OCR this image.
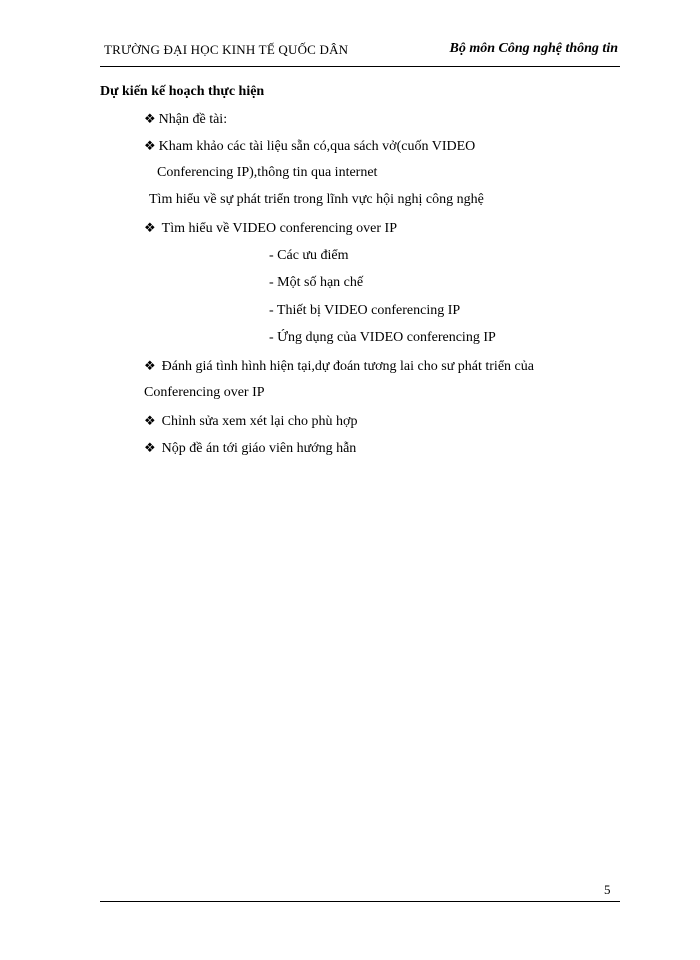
TRƯỜNG ĐẠI HỌC KINH TẾ QUỐC DÂN	Bộ môn Công nghệ thông tin
Dự kiến kế hoạch thực hiện
❖ Nhận đề tài:
❖ Kham khảo các tài liệu sẵn có,qua sách vở(cuốn VIDEO
Conferencing IP),thông tin qua internet
Tìm hiểu về sự phát triển trong lĩnh vực hội nghị công nghệ
❖ Tìm hiểu về VIDEO conferencing over IP
- Các ưu điểm
- Một số hạn chế
- Thiết bị VIDEO conferencing IP
- Ứng dụng của VIDEO conferencing IP
❖ Đánh giá tình hình hiện tại,dự đoán tương lai cho sư phát triển của
Conferencing over IP
❖ Chỉnh sửa xem xét lại cho phù hợp
❖ Nộp đề án tới giáo viên hướng hẫn
5
